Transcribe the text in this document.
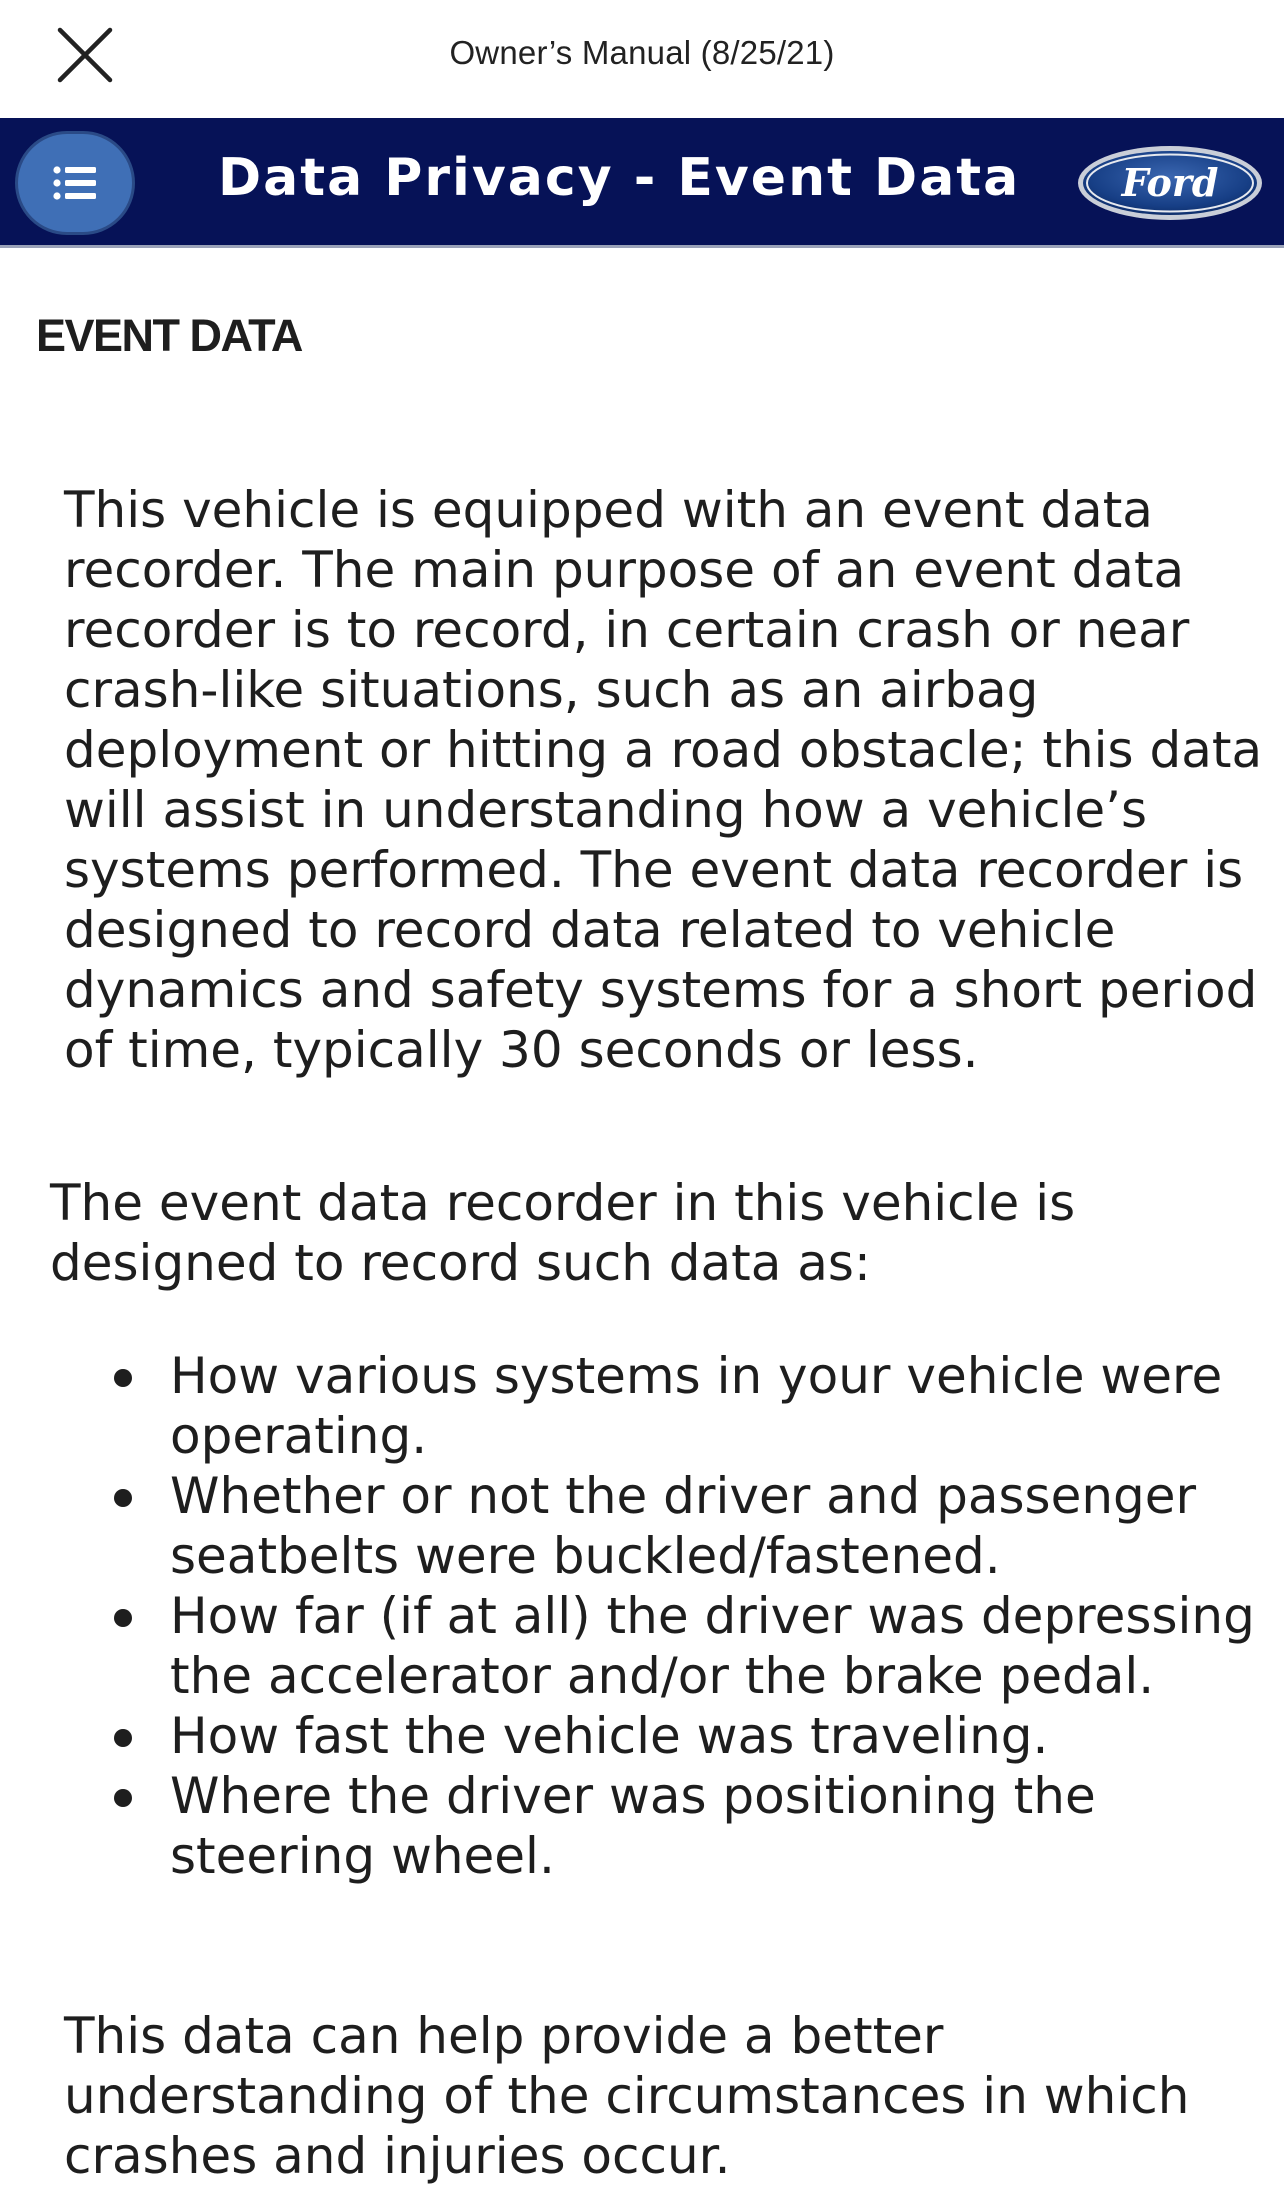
Owner’s Manual (8/25/21)
Data Privacy - Event Data	Ford
EVENT DATA

This vehicle is equipped with an event data recorder. The main purpose of an event data recorder is to record, in certain crash or near crash-like situations, such as an airbag deployment or hitting a road obstacle; this data will assist in understanding how a vehicle’s systems performed. The event data recorder is designed to record data related to vehicle dynamics and safety systems for a short period of time, typically 30 seconds or less.

The event data recorder in this vehicle is designed to record such data as:

How various systems in your vehicle were operating.
Whether or not the driver and passenger seatbelts were buckled/fastened.
How far (if at all) the driver was depressing the accelerator and/or the brake pedal.
How fast the vehicle was traveling.
Where the driver was positioning the steering wheel.

This data can help provide a better understanding of the circumstances in which crashes and injuries occur.
